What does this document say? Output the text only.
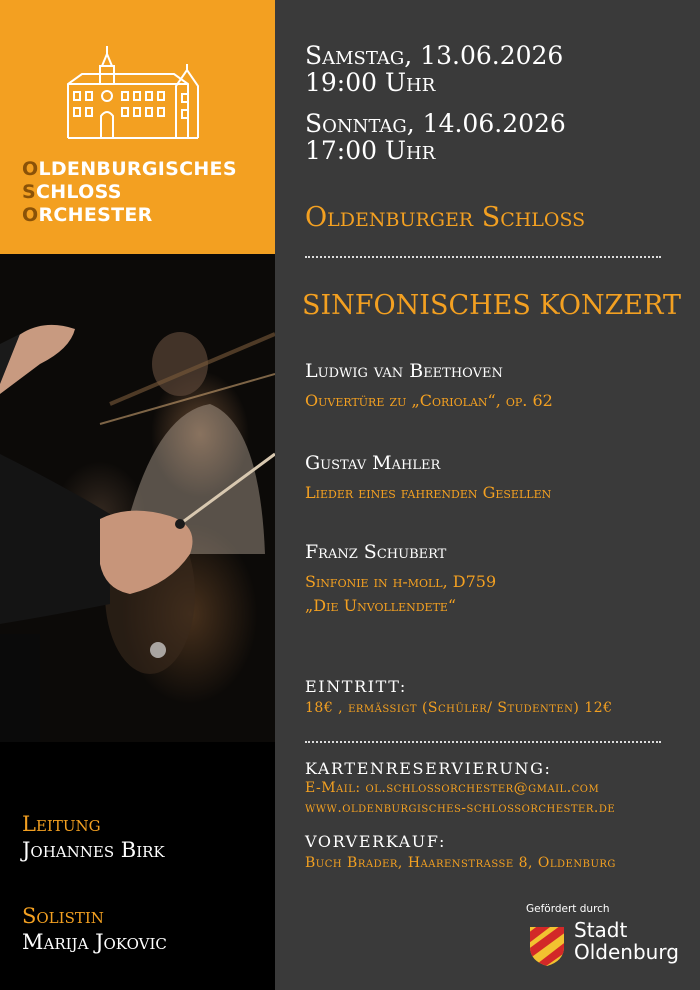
OLDENBURGISCHES
SCHLOSS
ORCHESTER
Leitung
Johannes Birk
Solistin
Marija Jokovic
Samstag, 13.06.2026
19:00 Uhr
Sonntag, 14.06.2026
17:00 Uhr
Oldenburger Schloss
SINFONISCHES KONZERT
Ludwig van Beethoven
Ouvertüre zu „Coriolan“, op. 62
Gustav Mahler
Lieder eines fahrenden Gesellen
Franz Schubert
Sinfonie in h-moll, D759
„Die Unvollendete“
EINTRITT:
18€ , ermässigt (Schüler/ Studenten) 12€
KARTENRESERVIERUNG:
E-Mail: ol.schlossorchester@gmail.com
www.oldenburgisches-schlossorchester.de
VORVERKAUF:
Buch Brader, Haarenstrasse 8, Oldenburg
Gefördert durch
Stadt
Oldenburg
